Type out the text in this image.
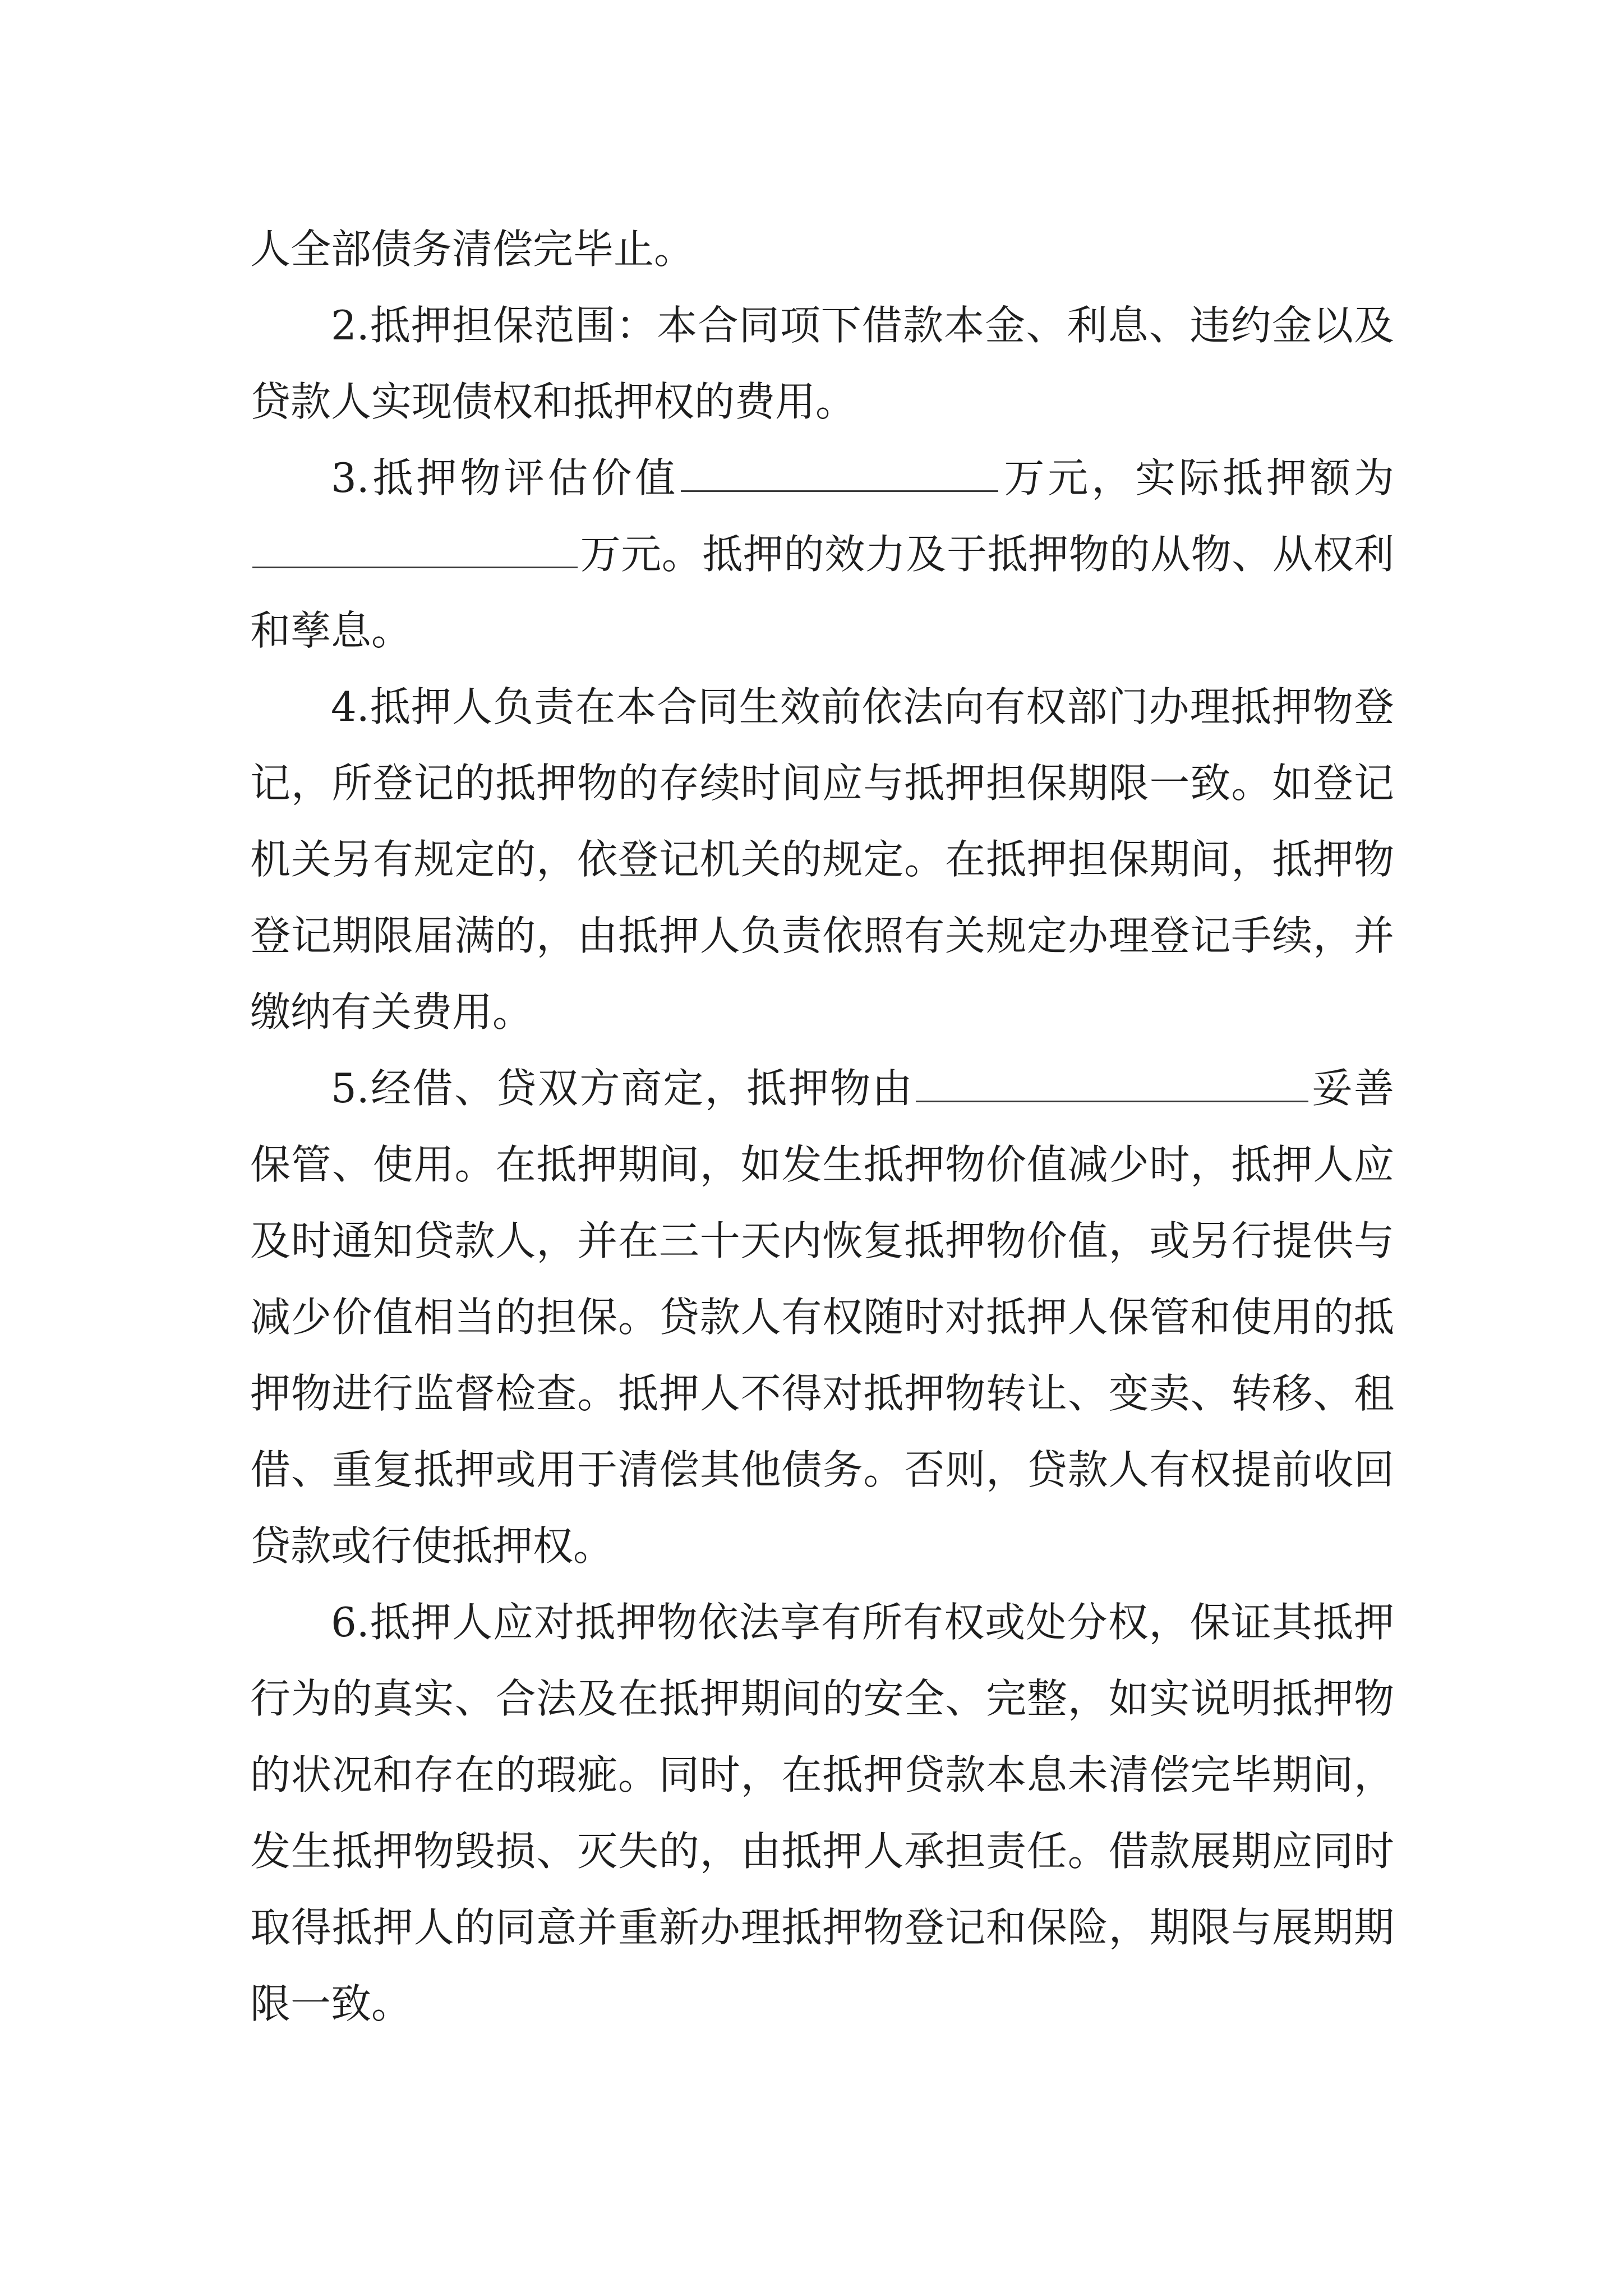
人全部债务清偿完毕止。

2.抵押担保范围：本合同项下借款本金、利息、违约金以及贷款人实现债权和抵押权的费用。

3.抵押物评估价值	万元，实际抵押额为万元。抵押的效力及于抵押物的从物、从权利和孳息。

4.抵押人负责在本合同生效前依法向有权部门办理抵押物登记，所登记的抵押物的存续时间应与抵押担保期限一致。如登记机关另有规定的，依登记机关的规定。在抵押担保期间，抵押物登记期限届满的，由抵押人负责依照有关规定办理登记手续，并缴纳有关费用。

5.经借、贷双方商定，抵押物由	妥善保管、使用。在抵押期间，如发生抵押物价值减少时，抵押人应及时通知贷款人，并在三十天内恢复抵押物价值，或另行提供与减少价值相当的担保。贷款人有权随时对抵押人保管和使用的抵押物进行监督检查。抵押人不得对抵押物转让、变卖、转移、租借、重复抵押或用于清偿其他债务。否则，贷款人有权提前收回贷款或行使抵押权。

6.抵押人应对抵押物依法享有所有权或处分权，保证其抵押行为的真实、合法及在抵押期间的安全、完整，如实说明抵押物的状况和存在的瑕疵。同时，在抵押贷款本息未清偿完毕期间，发生抵押物毁损、灭失的，由抵押人承担责任。借款展期应同时取得抵押人的同意并重新办理抵押物登记和保险，期限与展期期限一致。
